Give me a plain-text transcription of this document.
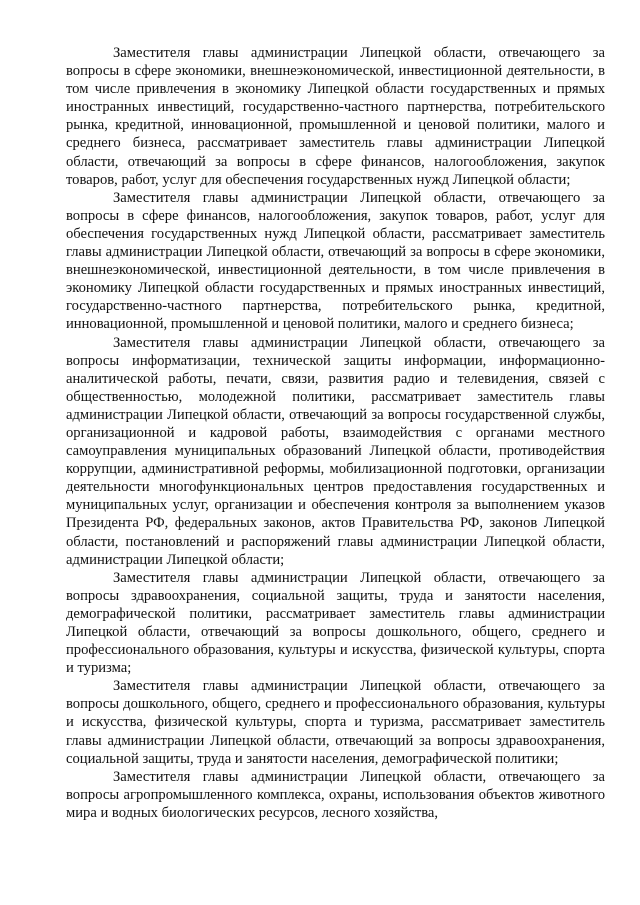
Заместителя главы администрации Липецкой области, отвечающего за вопросы в сфере экономики, внешнеэкономической, инвестиционной деятельности, в том числе привлечения в экономику Липецкой области государственных и прямых иностранных инвестиций, государственно-частного партнерства, потребительского рынка, кредитной, инновационной, промышленной и ценовой политики, малого и среднего бизнеса, рассматривает заместитель главы администрации Липецкой области, отвечающий за вопросы в сфере финансов, налогообложения, закупок товаров, работ, услуг для обеспечения государственных нужд Липецкой области;

Заместителя главы администрации Липецкой области, отвечающего за вопросы в сфере финансов, налогообложения, закупок товаров, работ, услуг для обеспечения государственных нужд Липецкой области, рассматривает заместитель главы администрации Липецкой области, отвечающий за вопросы в сфере экономики, внешнеэкономической, инвестиционной деятельности, в том числе привлечения в экономику Липецкой области государственных и прямых иностранных инвестиций, государственно-частного партнерства, потребительского рынка, кредитной, инновационной, промышленной и ценовой политики, малого и среднего бизнеса;

Заместителя главы администрации Липецкой области, отвечающего за вопросы информатизации, технической защиты информации, информационно-аналитической работы, печати, связи, развития радио и телевидения, связей с общественностью, молодежной политики, рассматривает заместитель главы администрации Липецкой области, отвечающий за вопросы государственной службы, организационной и кадровой работы, взаимодействия с органами местного самоуправления муниципальных образований Липецкой области, противодействия коррупции, административной реформы, мобилизационной подготовки, организации деятельности многофункциональных центров предоставления государственных и муниципальных услуг, организации и обеспечения контроля за выполнением указов Президента РФ, федеральных законов, актов Правительства РФ, законов Липецкой области, постановлений и распоряжений главы администрации Липецкой области, администрации Липецкой области;

Заместителя главы администрации Липецкой области, отвечающего за вопросы здравоохранения, социальной защиты, труда и занятости населения, демографической политики, рассматривает заместитель главы администрации Липецкой области, отвечающий за вопросы дошкольного, общего, среднего и профессионального образования, культуры и искусства, физической культуры, спорта и туризма;

Заместителя главы администрации Липецкой области, отвечающего за вопросы дошкольного, общего, среднего и профессионального образования, культуры и искусства, физической культуры, спорта и туризма, рассматривает заместитель главы администрации Липецкой области, отвечающий за вопросы здравоохранения, социальной защиты, труда и занятости населения, демографической политики;

Заместителя главы администрации Липецкой области, отвечающего за вопросы агропромышленного комплекса, охраны, использования объектов животного мира и водных биологических ресурсов, лесного хозяйства,
